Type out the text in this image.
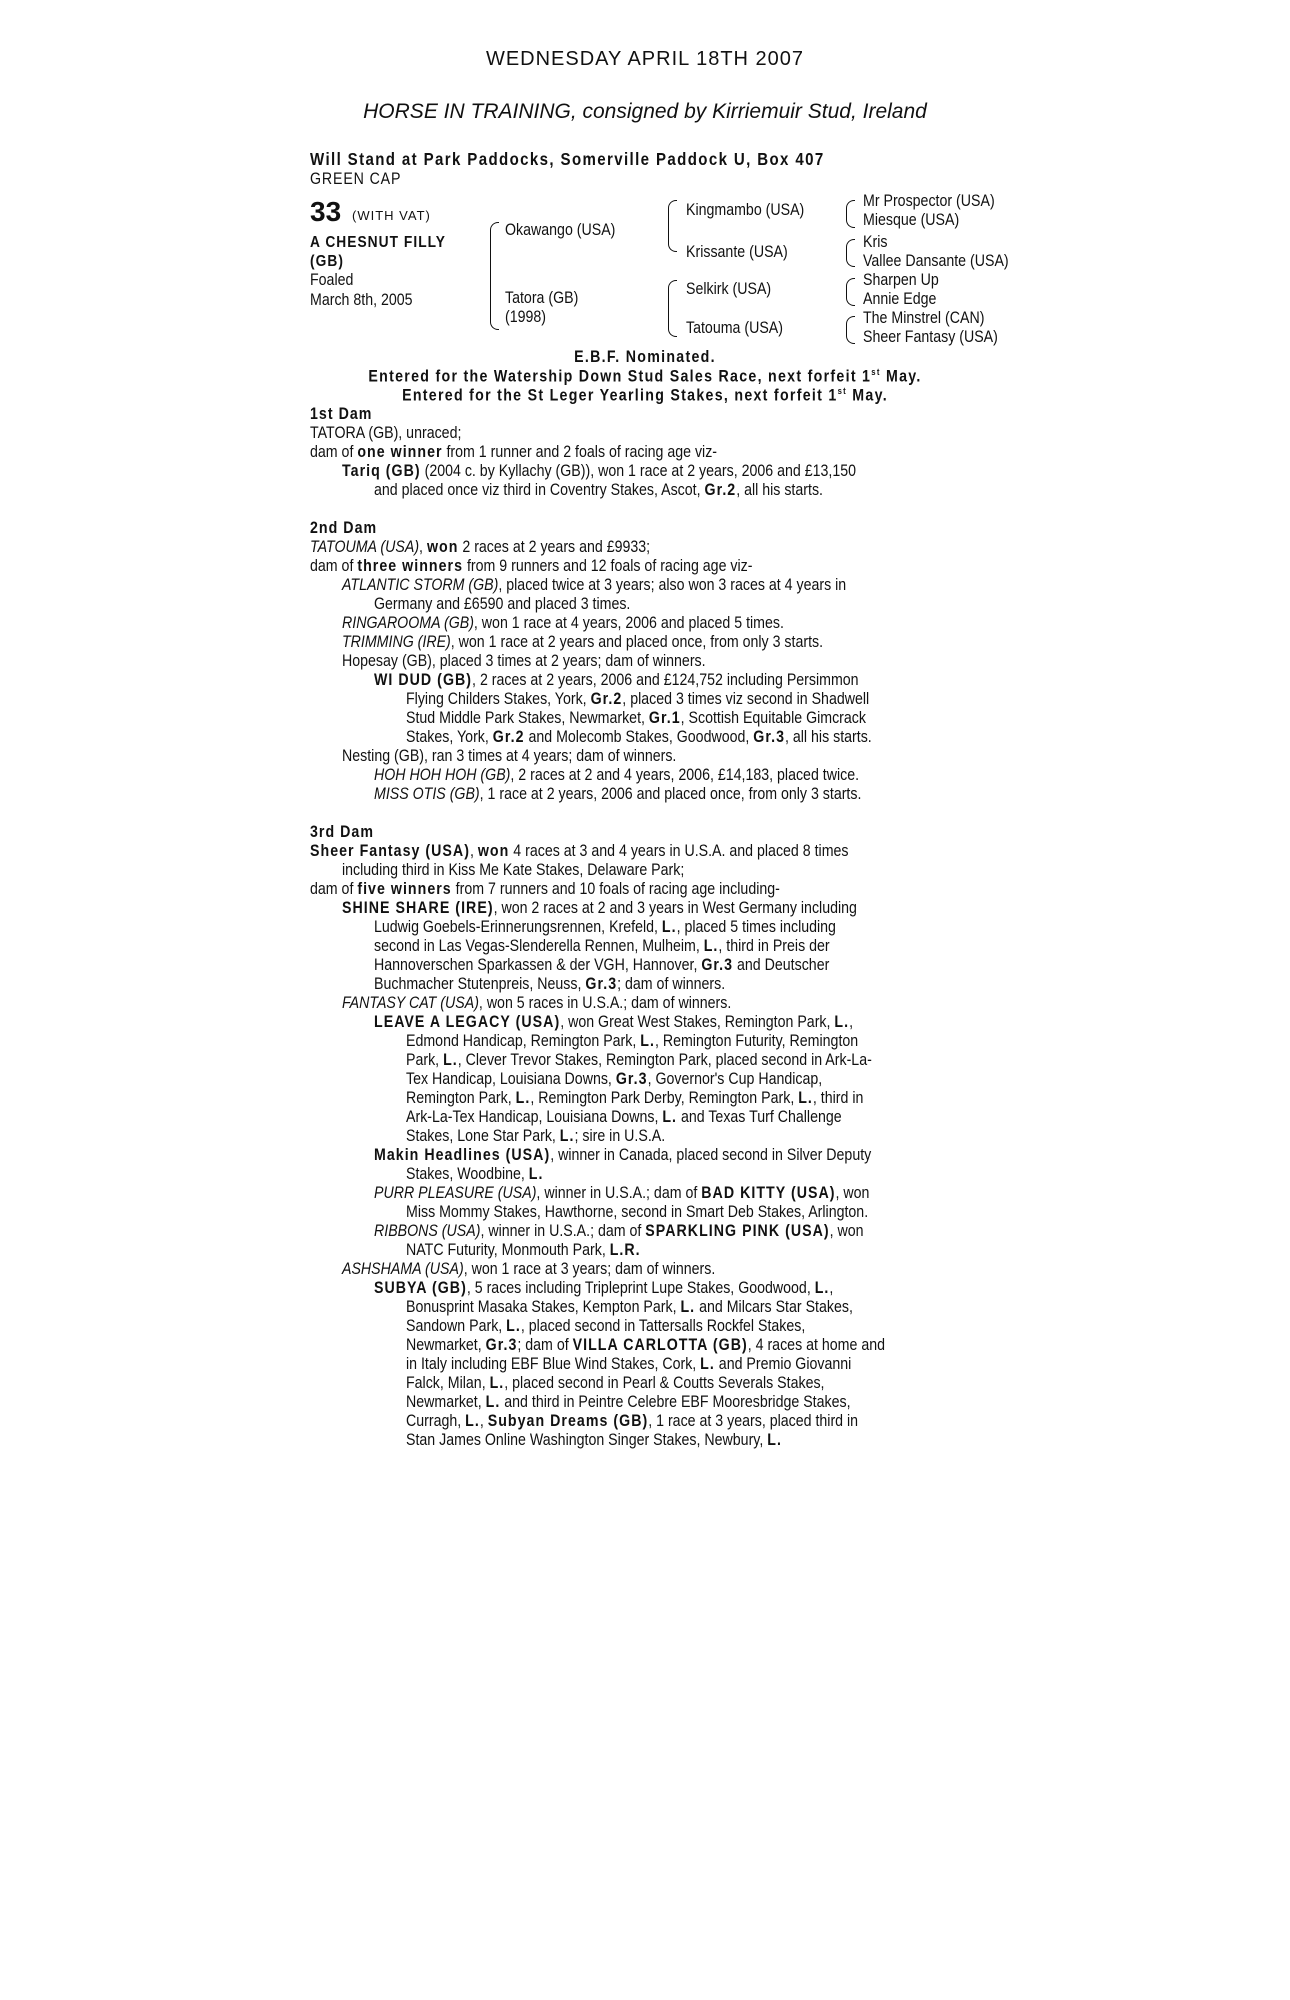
WEDNESDAY APRIL 18TH 2007
HORSE IN TRAINING, consigned by Kirriemuir Stud, Ireland
Will Stand at Park Paddocks, Somerville Paddock U, Box 407
GREEN CAP
33 (WITH VAT)
A CHESNUT FILLY
(GB)
Foaled
March 8th, 2005
Okawango (USA)
Tatora (GB)
(1998)
Kingmambo (USA)
Krissante (USA)
Selkirk (USA)
Tatouma (USA)
Mr Prospector (USA)
Miesque (USA)
Kris
Vallee Dansante (USA)
Sharpen Up
Annie Edge
The Minstrel (CAN)
Sheer Fantasy (USA)
E.B.F. Nominated.
Entered for the Watership Down Stud Sales Race, next forfeit 1st May.
Entered for the St Leger Yearling Stakes, next forfeit 1st May.
1st Dam
TATORA (GB), unraced;
dam of one winner from 1 runner and 2 foals of racing age viz-
Tariq (GB) (2004 c. by Kyllachy (GB)), won 1 race at 2 years, 2006 and £13,150
and placed once viz third in Coventry Stakes, Ascot, Gr.2, all his starts.
2nd Dam
TATOUMA (USA), won 2 races at 2 years and £9933;
dam of three winners from 9 runners and 12 foals of racing age viz-
ATLANTIC STORM (GB), placed twice at 3 years; also won 3 races at 4 years in
Germany and £6590 and placed 3 times.
RINGAROOMA (GB), won 1 race at 4 years, 2006 and placed 5 times.
TRIMMING (IRE), won 1 race at 2 years and placed once, from only 3 starts.
Hopesay (GB), placed 3 times at 2 years; dam of winners.
WI DUD (GB), 2 races at 2 years, 2006 and £124,752 including Persimmon
Flying Childers Stakes, York, Gr.2, placed 3 times viz second in Shadwell
Stud Middle Park Stakes, Newmarket, Gr.1, Scottish Equitable Gimcrack
Stakes, York, Gr.2 and Molecomb Stakes, Goodwood, Gr.3, all his starts.
Nesting (GB), ran 3 times at 4 years; dam of winners.
HOH HOH HOH (GB), 2 races at 2 and 4 years, 2006, £14,183, placed twice.
MISS OTIS (GB), 1 race at 2 years, 2006 and placed once, from only 3 starts.
3rd Dam
Sheer Fantasy (USA), won 4 races at 3 and 4 years in U.S.A. and placed 8 times
including third in Kiss Me Kate Stakes, Delaware Park;
dam of five winners from 7 runners and 10 foals of racing age including-
SHINE SHARE (IRE), won 2 races at 2 and 3 years in West Germany including
Ludwig Goebels-Erinnerungsrennen, Krefeld, L., placed 5 times including
second in Las Vegas-Slenderella Rennen, Mulheim, L., third in Preis der
Hannoverschen Sparkassen & der VGH, Hannover, Gr.3 and Deutscher
Buchmacher Stutenpreis, Neuss, Gr.3; dam of winners.
FANTASY CAT (USA), won 5 races in U.S.A.; dam of winners.
LEAVE A LEGACY (USA), won Great West Stakes, Remington Park, L.,
Edmond Handicap, Remington Park, L., Remington Futurity, Remington
Park, L., Clever Trevor Stakes, Remington Park, placed second in Ark-La-
Tex Handicap, Louisiana Downs, Gr.3, Governor's Cup Handicap,
Remington Park, L., Remington Park Derby, Remington Park, L., third in
Ark-La-Tex Handicap, Louisiana Downs, L. and Texas Turf Challenge
Stakes, Lone Star Park, L.; sire in U.S.A.
Makin Headlines (USA), winner in Canada, placed second in Silver Deputy
Stakes, Woodbine, L.
PURR PLEASURE (USA), winner in U.S.A.; dam of BAD KITTY (USA), won
Miss Mommy Stakes, Hawthorne, second in Smart Deb Stakes, Arlington.
RIBBONS (USA), winner in U.S.A.; dam of SPARKLING PINK (USA), won
NATC Futurity, Monmouth Park, L.R.
ASHSHAMA (USA), won 1 race at 3 years; dam of winners.
SUBYA (GB), 5 races including Tripleprint Lupe Stakes, Goodwood, L.,
Bonusprint Masaka Stakes, Kempton Park, L. and Milcars Star Stakes,
Sandown Park, L., placed second in Tattersalls Rockfel Stakes,
Newmarket, Gr.3; dam of VILLA CARLOTTA (GB), 4 races at home and
in Italy including EBF Blue Wind Stakes, Cork, L. and Premio Giovanni
Falck, Milan, L., placed second in Pearl & Coutts Severals Stakes,
Newmarket, L. and third in Peintre Celebre EBF Mooresbridge Stakes,
Curragh, L., Subyan Dreams (GB), 1 race at 3 years, placed third in
Stan James Online Washington Singer Stakes, Newbury, L.
